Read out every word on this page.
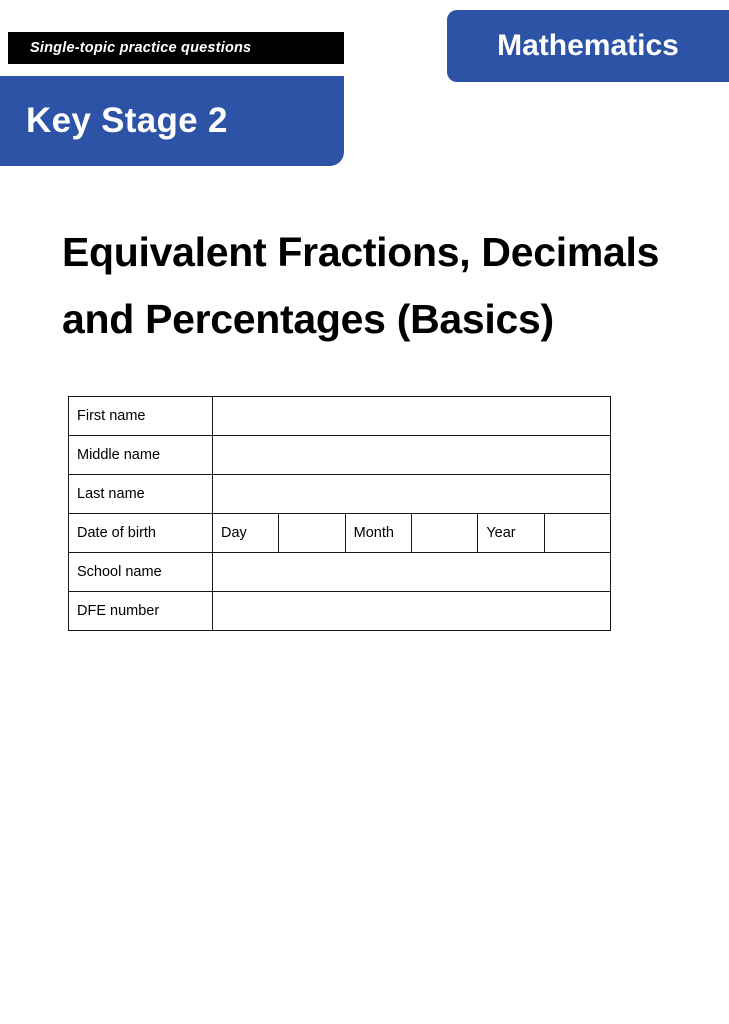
Single-topic practice questions
Key Stage 2
Mathematics
Equivalent Fractions, Decimals and Percentages (Basics)
First name						
Middle name						
Last name						
Date of birth	Day		Month		Year	
School name						
DFE number						
